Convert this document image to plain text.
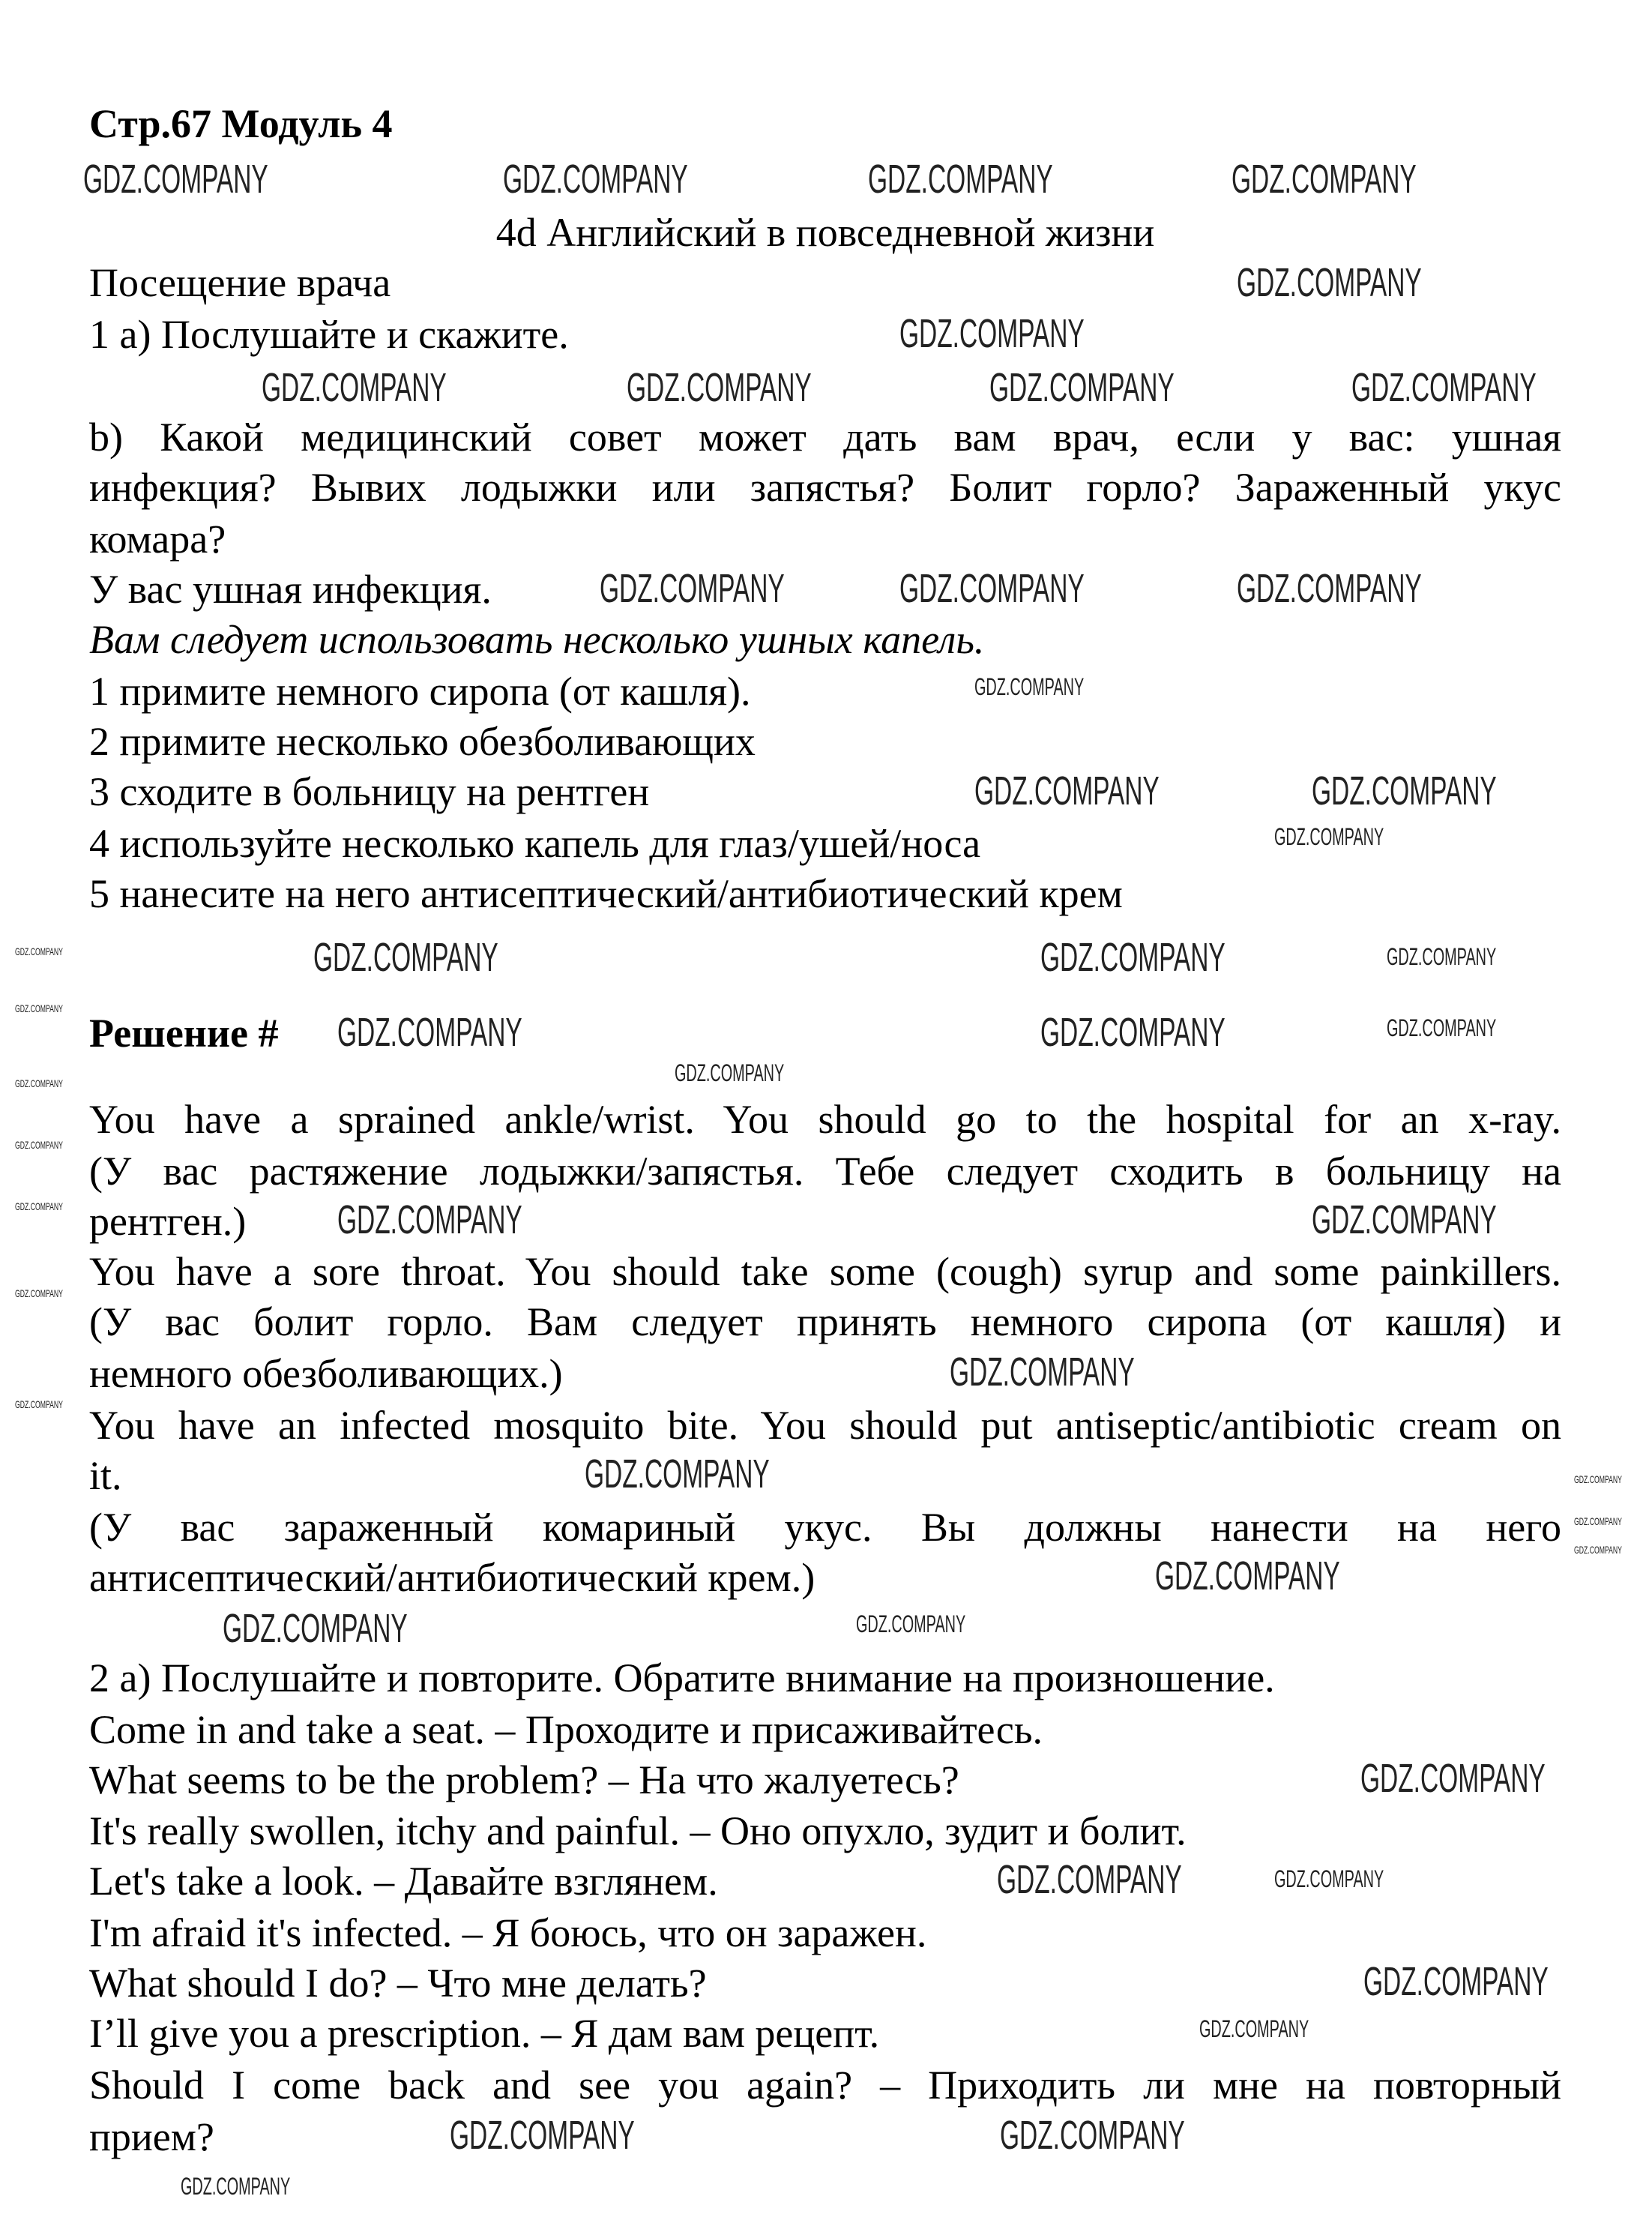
Стр.67 Модуль 4
4d Английский в повседневной жизни
Посещение врача
1 a) Послушайте и скажите.
b) Какой медицинский совет может дать вам врач, если у вас: ушная
инфекция? Вывих лодыжки или запястья? Болит горло? Зараженный укус
комара?
У вас ушная инфекция.
Вам следует использовать несколько ушных капель.
1 примите немного сиропа (от кашля).
2 примите несколько обезболивающих
3 сходите в больницу на рентген
4 используйте несколько капель для глаз/ушей/носа
5 нанесите на него антисептический/антибиотический крем
Решение #
You have a sprained ankle/wrist. You should go to the hospital for an x-ray.
(У вас растяжение лодыжки/запястья. Тебе следует сходить в больницу на
рентген.)
You have a sore throat. You should take some (cough) syrup and some painkillers.
(У вас болит горло. Вам следует принять немного сиропа (от кашля) и
немного обезболивающих.)
You have an infected mosquito bite. You should put antiseptic/antibiotic cream on
it.
(У вас зараженный комариный укус. Вы должны нанести на него
антисептический/антибиотический крем.)
2 a) Послушайте и повторите. Обратите внимание на произношение.
Come in and take a seat. – Проходите и присаживайтесь.
What seems to be the problem? – На что жалуетесь?
It's really swollen, itchy and painful. – Оно опухло, зудит и болит.
Let's take a look. – Давайте взглянем.
I'm afraid it's infected. – Я боюсь, что он заражен.
What should I do? – Что мне делать?
I’ll give you a prescription. – Я дам вам рецепт.
Should I come back and see you again? – Приходить ли мне на повторный
прием?
GDZ.COMPANY	GDZ.COMPANY	GDZ.COMPANY	GDZ.COMPANY
GDZ.COMPANY
GDZ.COMPANY
GDZ.COMPANY	GDZ.COMPANY	GDZ.COMPANY	GDZ.COMPANY
GDZ.COMPANY	GDZ.COMPANY	GDZ.COMPANY
GDZ.COMPANY
GDZ.COMPANY	GDZ.COMPANY
GDZ.COMPANY
GDZ.COMPANY	GDZ.COMPANY	GDZ.COMPANY
GDZ.COMPANY	GDZ.COMPANY	GDZ.COMPANY
GDZ.COMPANY
GDZ.COMPANY	GDZ.COMPANY
GDZ.COMPANY
GDZ.COMPANY
GDZ.COMPANY
GDZ.COMPANY	GDZ.COMPANY
GDZ.COMPANY
GDZ.COMPANY	GDZ.COMPANY
GDZ.COMPANY
GDZ.COMPANY
GDZ.COMPANY	GDZ.COMPANY
GDZ.COMPANY
GDZ.COMPANY
GDZ.COMPANY
GDZ.COMPANY
GDZ.COMPANY
GDZ.COMPANY
GDZ.COMPANY
GDZ.COMPANY
GDZ.COMPANY
GDZ.COMPANY
GDZ.COMPANY
